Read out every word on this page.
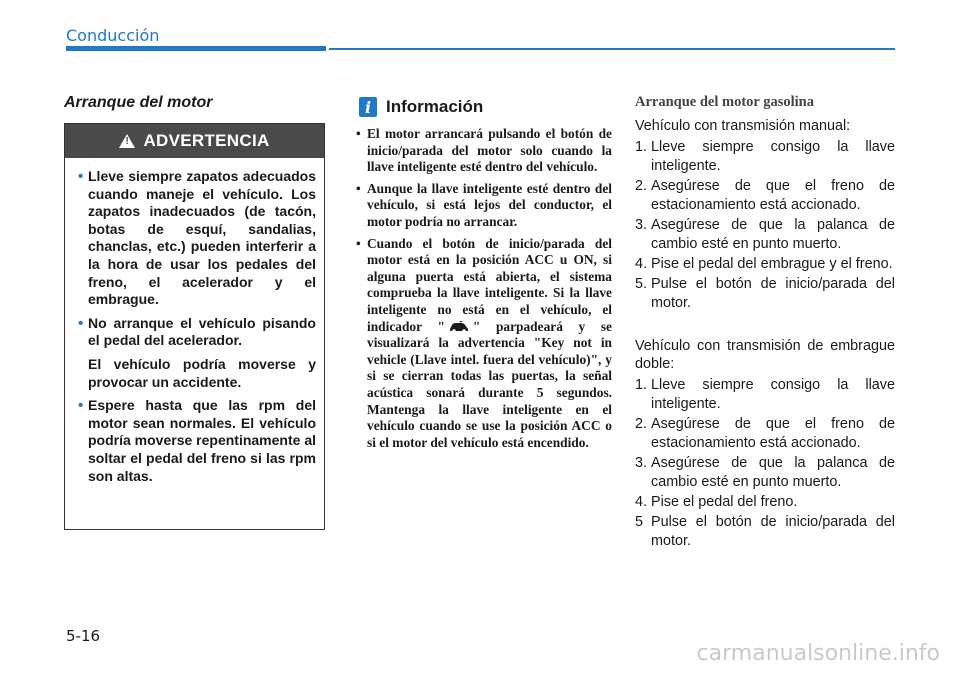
Conducción
Arranque del motor
! ADVERTENCIA

• Lleve siempre zapatos adecuados cuando maneje el vehículo. Los zapatos inadecuados (de tacón, botas de esquí, sandalias, chanclas, etc.) pueden interferir a la hora de usar los pedales del freno, el acelerador y el embrague.

• No arranque el vehículo pisando el pedal del acelerador.

El vehículo podría moverse y provocar un accidente.

• Espere hasta que las rpm del motor sean normales. El vehículo podría moverse repentinamente al soltar el pedal del freno si las rpm son altas.

i Información
• El motor arrancará pulsando el botón de inicio/parada del motor solo cuando la llave inteligente esté dentro del vehículo.
• Aunque la llave inteligente esté dentro del vehículo, si está lejos del conductor, el motor podría no arrancar.
• Cuando el botón de inicio/parada del motor está en la posición ACC u ON, si alguna puerta está abierta, el sistema comprueba la llave inteligente. Si la llave inteligente no está en el vehículo, el indicador " " parpadeará y se visualizará la advertencia "Key not in vehicle (Llave intel. fuera del vehículo)", y si se cierran todas las puertas, la señal acústica sonará durante 5 segundos. Mantenga la llave inteligente en el vehículo cuando se use la posición ACC o si el motor del vehículo está encendido.
Arranque del motor gasolina

Vehículo con transmisión manual:

1. Lleve siempre consigo la llave inteligente.
2. Asegúrese de que el freno de estacionamiento está accionado.
3. Asegúrese de que la palanca de cambio esté en punto muerto.
4. Pise el pedal del embrague y el freno.
5. Pulse el botón de inicio/parada del motor.

Vehículo con transmisión de embrague doble:

1. Lleve siempre consigo la llave inteligente.
2. Asegúrese de que el freno de estacionamiento está accionado.
3. Asegúrese de que la palanca de cambio esté en punto muerto.
4. Pise el pedal del freno.
5 Pulse el botón de inicio/parada del motor.
5-16
carmanualsonline.info
